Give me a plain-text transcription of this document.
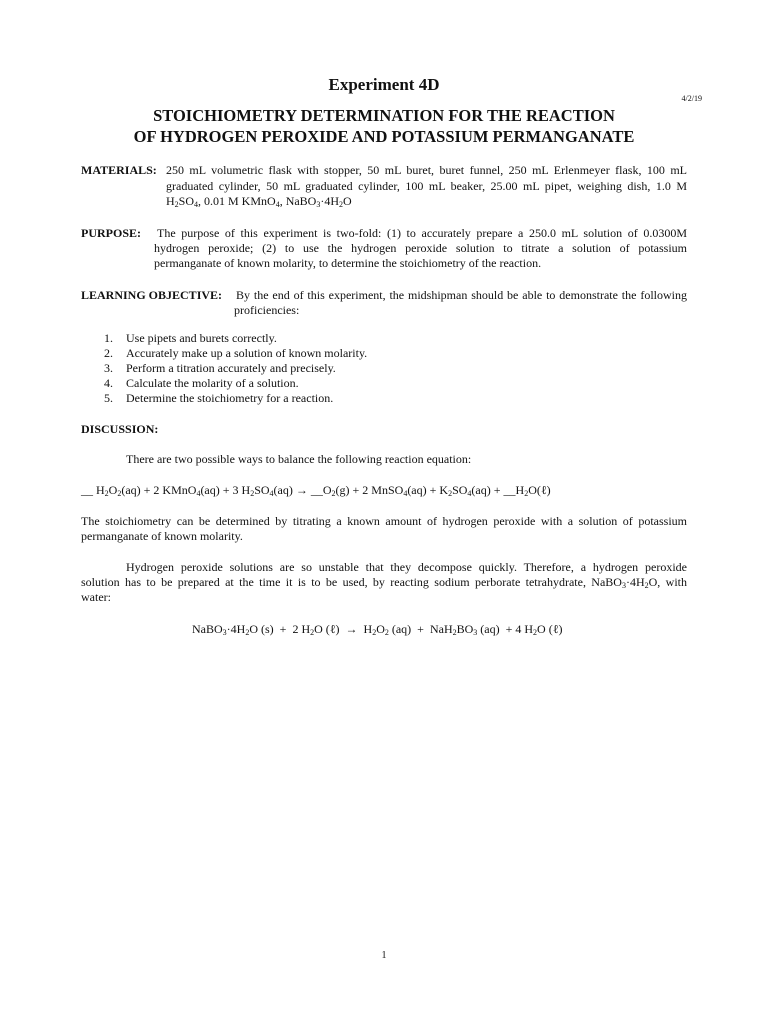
Experiment 4D
4/2/19
STOICHIOMETRY DETERMINATION FOR THE REACTION
OF HYDROGEN PEROXIDE AND POTASSIUM PERMANGANATE
MATERIALS: 250 mL volumetric flask with stopper, 50 mL buret, buret funnel, 250 mL Erlenmeyer flask, 100 mL
graduated cylinder, 50 mL graduated cylinder, 100 mL beaker, 25.00 mL pipet, weighing dish, 1.0 M
$H_2SO_4$, 0.01 M KMnO$_4$, $NaBO_3\cdot 4H_2O$
PURPOSE: The purpose of this experiment is two-fold: (1) to accurately prepare a 250.0 mL solution of 0.0300M
hydrogen peroxide; (2) to use the hydrogen peroxide solution to titrate a solution of potassium
permanganate of known molarity, to determine the stoichiometry of the reaction.
LEARNING OBJECTIVE: By the end of this experiment, the midshipman should be able to demonstrate the following
proficiencies:
1. Use pipets and burets correctly.
2. Accurately make up a solution of known molarity.
3. Perform a titration accurately and precisely.
4. Calculate the molarity of a solution.
5. Determine the stoichiometry for a reaction.
DISCUSSION:
There are two possible ways to balance the following reaction equation:
__ $H_2O_2(aq) + 2$ KMnO$_4$(aq) + 3 $H_2SO_4(aq)$ → $\_\_O_2(g) + 2$ MnSO$_4$(aq) + $K_2SO_4(aq)$ + $\_\_H_2O(\ell)$
The stoichiometry can be determined by titrating a known amount of hydrogen peroxide with a solution of potassium
permanganate of known molarity.
Hydrogen peroxide solutions are so unstable that they decompose quickly. Therefore, a hydrogen peroxide
solution has to be prepared at the time it is to be used, by reacting sodium perborate tetrahydrate, $NaBO_3\cdot 4H_2O$, with
water:
$NaBO_3\cdot 4H_2O$ (s)  +  2 $H_2O$ (ℓ)  →  $H_2O_2$ $(aq) + NaH_2BO_3$ (aq)  + 4 $H_2O$ (ℓ)
1
